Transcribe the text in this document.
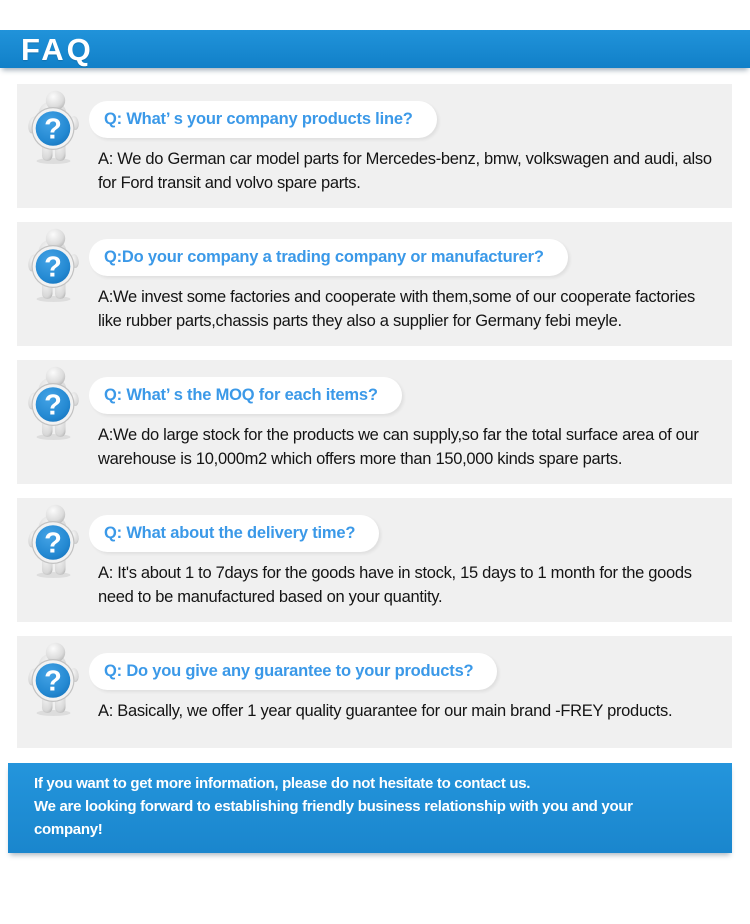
FAQ
Q: What’ s your company products line?
A: We do German car model parts for Mercedes-benz, bmw, volkswagen and audi, also for Ford transit and volvo spare parts.
Q:Do your company a trading company or manufacturer?
A:We invest some factories and cooperate with them,some of our cooperate factories like rubber parts,chassis parts they also a supplier for Germany febi meyle.
Q: What’ s the MOQ for each items?
A:We do large stock for the products we can supply,so far the total surface area of our warehouse is 10,000m2 which offers more than 150,000 kinds spare parts.
Q: What about the delivery time?
A: It's about 1 to 7days for the goods have in stock, 15 days to 1 month for the goods need to be manufactured based on your quantity.
Q: Do you give any guarantee to your products?
A: Basically, we offer 1 year quality guarantee for our main brand -FREY products.
If you want to get more information, please do not hesitate to contact us.
We are looking forward to establishing friendly business relationship with you and your company!
